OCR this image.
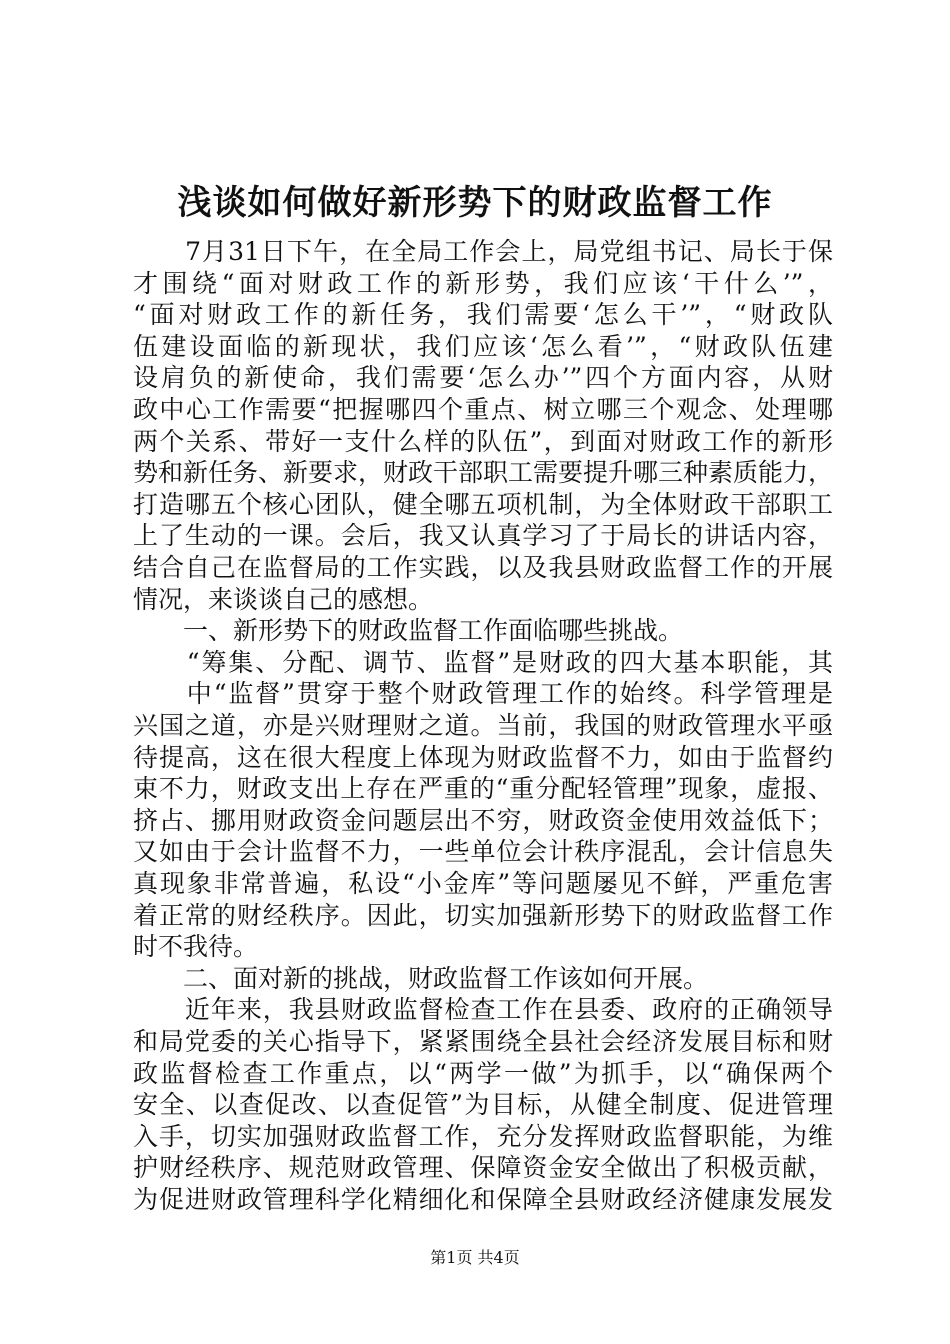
浅谈如何做好新形势下的财政监督工作
　　7月31日下午，在全局工作会上，局党组书记、局长于保
才围绕“面对财政工作的新形势，我们应该‘干什么’”，
“面对财政工作的新任务，我们需要‘怎么干’”，“财政队
伍建设面临的新现状，我们应该‘怎么看’”，“财政队伍建
设肩负的新使命，我们需要‘怎么办’”四个方面内容，从财
政中心工作需要“把握哪四个重点、树立哪三个观念、处理哪
两个关系、带好一支什么样的队伍”，到面对财政工作的新形
势和新任务、新要求，财政干部职工需要提升哪三种素质能力，
打造哪五个核心团队，健全哪五项机制，为全体财政干部职工
上了生动的一课。会后，我又认真学习了于局长的讲话内容，
结合自己在监督局的工作实践，以及我县财政监督工作的开展
情况，来谈谈自己的感想。
　　一、新形势下的财政监督工作面临哪些挑战。
　　“筹集、分配、调节、监督”是财政的四大基本职能，其
　　中“监督”贯穿于整个财政管理工作的始终。科学管理是
兴国之道，亦是兴财理财之道。当前，我国的财政管理水平亟
待提高，这在很大程度上体现为财政监督不力，如由于监督约
束不力，财政支出上存在严重的“重分配轻管理”现象，虚报、
挤占、挪用财政资金问题层出不穷，财政资金使用效益低下；
又如由于会计监督不力，一些单位会计秩序混乱，会计信息失
真现象非常普遍，私设“小金库”等问题屡见不鲜，严重危害
着正常的财经秩序。因此，切实加强新形势下的财政监督工作
时不我待。
　　二、面对新的挑战，财政监督工作该如何开展。
　　近年来，我县财政监督检查工作在县委、政府的正确领导
和局党委的关心指导下，紧紧围绕全县社会经济发展目标和财
政监督检查工作重点，以“两学一做”为抓手，以“确保两个
安全、以查促改、以查促管”为目标，从健全制度、促进管理
入手，切实加强财政监督工作，充分发挥财政监督职能，为维
护财经秩序、规范财政管理、保障资金安全做出了积极贡献，
为促进财政管理科学化精细化和保障全县财政经济健康发展发
第1页 共4页
